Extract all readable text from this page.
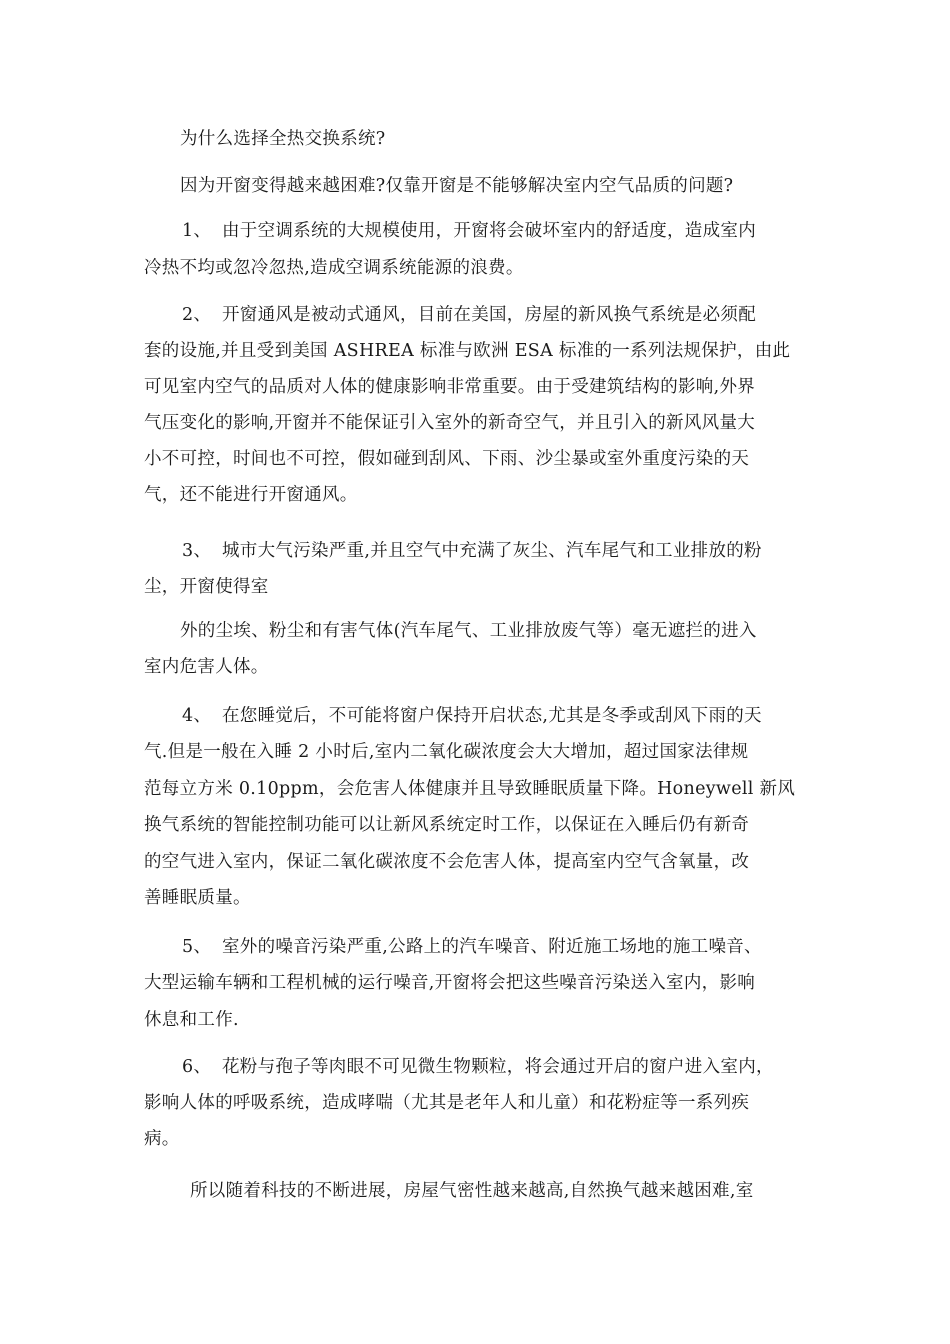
为什么选择全热交换系统?
因为开窗变得越来越困难?仅靠开窗是不能够解决室内空气品质的问题?
1、 由于空调系统的大规模使用，开窗将会破坏室内的舒适度，造成室内
冷热不均或忽冷忽热,造成空调系统能源的浪费。
2、 开窗通风是被动式通风，目前在美国，房屋的新风换气系统是必须配
套的设施,并且受到美国 ASHREA 标准与欧洲 ESA 标准的一系列法规保护，由此
可见室内空气的品质对人体的健康影响非常重要。由于受建筑结构的影响,外界
气压变化的影响,开窗并不能保证引入室外的新奇空气，并且引入的新风风量大
小不可控，时间也不可控，假如碰到刮风、下雨、沙尘暴或室外重度污染的天
气，还不能进行开窗通风。
3、 城市大气污染严重,并且空气中充满了灰尘、汽车尾气和工业排放的粉
尘，开窗使得室
外的尘埃、粉尘和有害气体(汽车尾气、工业排放废气等）毫无遮拦的进入
室内危害人体。
4、 在您睡觉后，不可能将窗户保持开启状态,尤其是冬季或刮风下雨的天
气.但是一般在入睡 2 小时后,室内二氧化碳浓度会大大增加，超过国家法律规
范每立方米 0.10ppm，会危害人体健康并且导致睡眠质量下降。Honeywell 新风
换气系统的智能控制功能可以让新风系统定时工作，以保证在入睡后仍有新奇
的空气进入室内，保证二氧化碳浓度不会危害人体，提高室内空气含氧量，改
善睡眠质量。
5、 室外的噪音污染严重,公路上的汽车噪音、附近施工场地的施工噪音、
大型运输车辆和工程机械的运行噪音,开窗将会把这些噪音污染送入室内，影响
休息和工作.
6、 花粉与孢子等肉眼不可见微生物颗粒，将会通过开启的窗户进入室内，
影响人体的呼吸系统，造成哮喘（尤其是老年人和儿童）和花粉症等一系列疾
病。
所以随着科技的不断进展，房屋气密性越来越高,自然换气越来越困难,室
